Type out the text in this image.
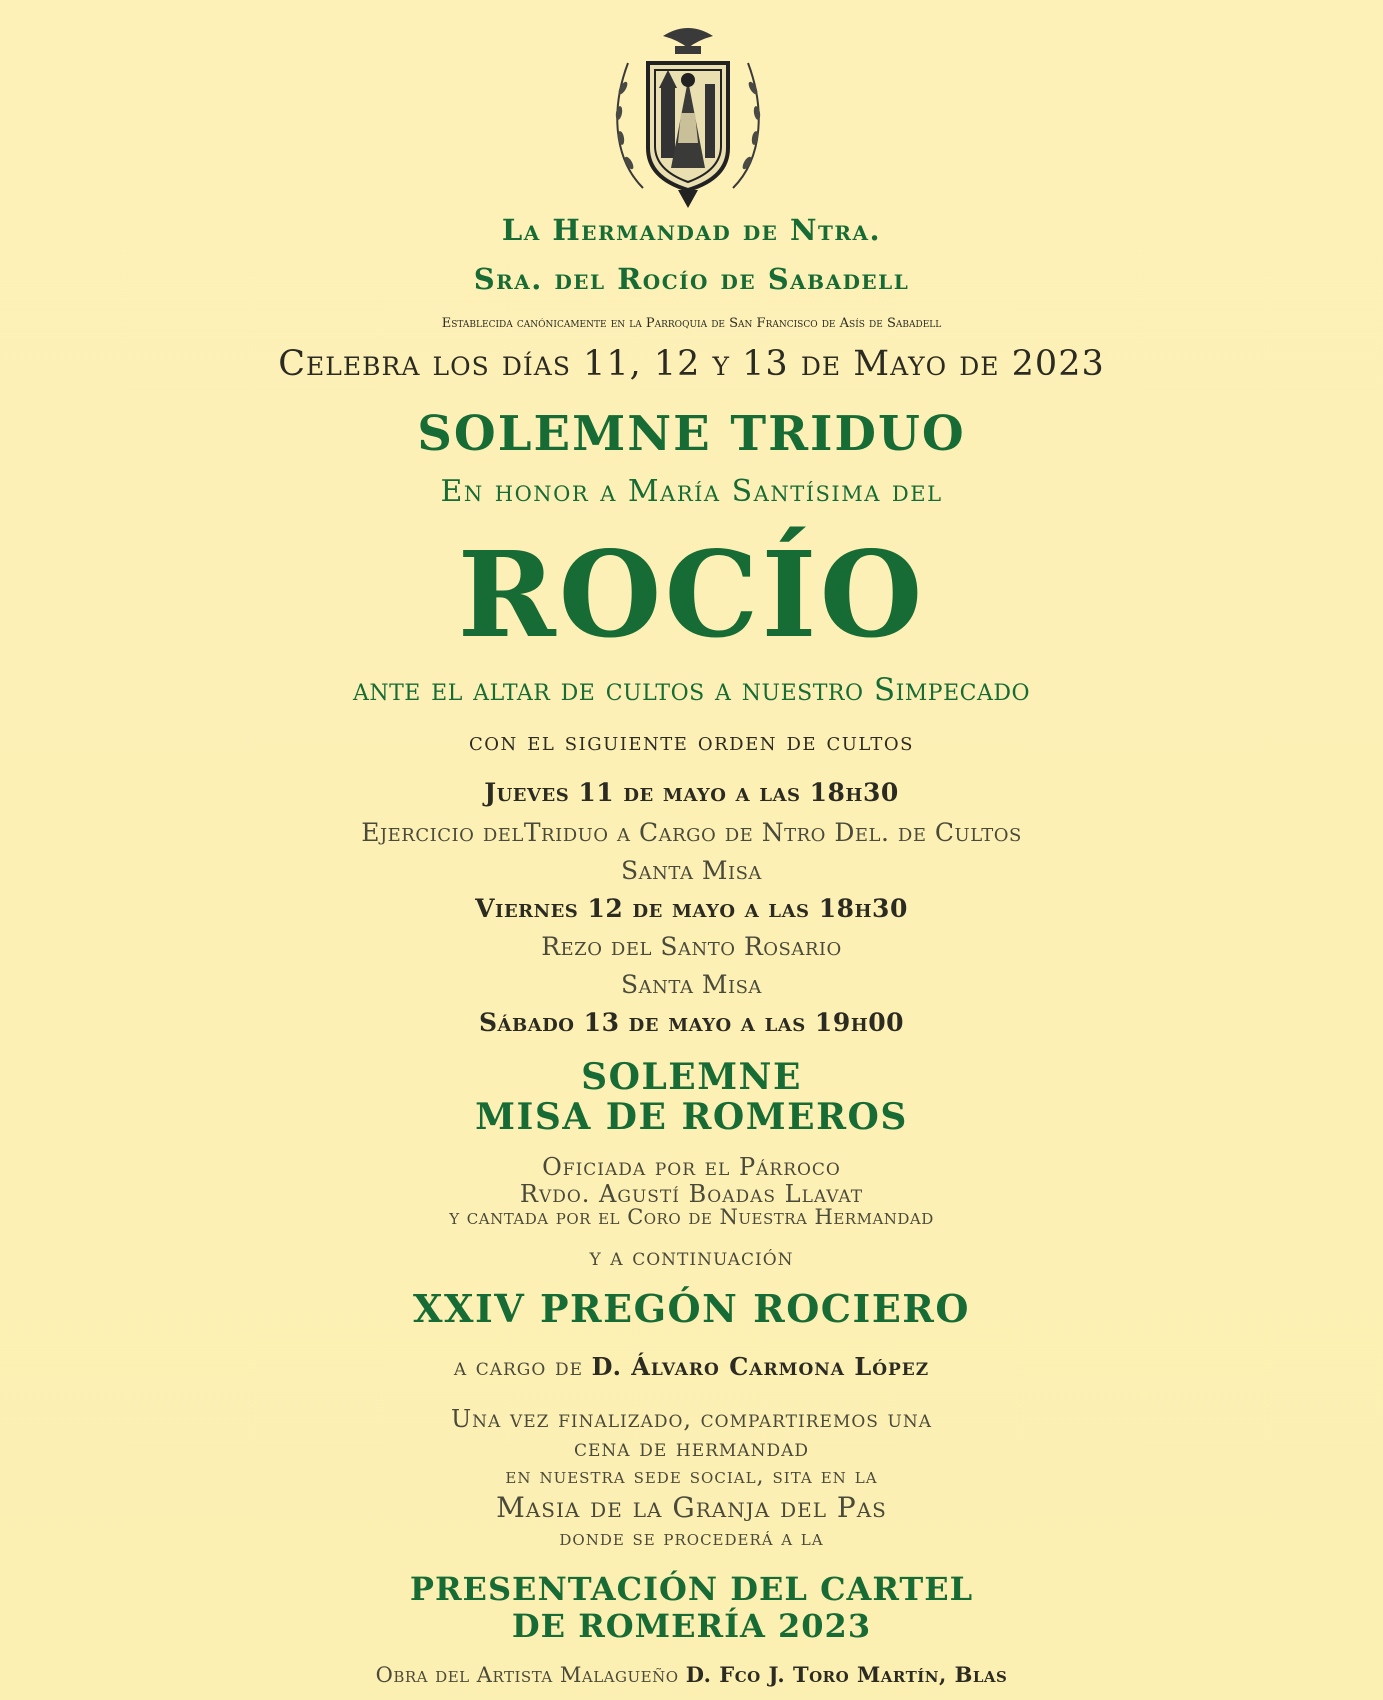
La Hermandad de Ntra.
Sra. del Rocío de Sabadell
Establecida canónicamente en la Parroquia de San Francisco de Asís de Sabadell
Celebra los días 11, 12 y 13 de Mayo de 2023
SOLEMNE TRIDUO
En honor a María Santísima del
ROCÍO
ante el altar de cultos a nuestro Simpecado
con el siguiente orden de cultos
Jueves 11 de mayo a las 18h30
Ejercicio delTriduo a Cargo de Ntro Del. de Cultos
Santa Misa
Viernes 12 de mayo a las 18h30
Rezo del Santo Rosario
Santa Misa
Sábado 13 de mayo a las 19h00
SOLEMNE
MISA DE ROMEROS
Oficiada por el Párroco
Rvdo. Agustí Boadas Llavat
y cantada por el Coro de Nuestra Hermandad
y a continuación
XXIV PREGÓN ROCIERO
a cargo de D. Álvaro Carmona López
Una vez finalizado, compartiremos una
cena de hermandad
en nuestra sede social, sita en la
Masia de la Granja del Pas
donde se procederá a la
PRESENTACIÓN DEL CARTEL
DE ROMERÍA 2023
Obra del Artista Malagueño D. Fco J. Toro Martín, Blas
